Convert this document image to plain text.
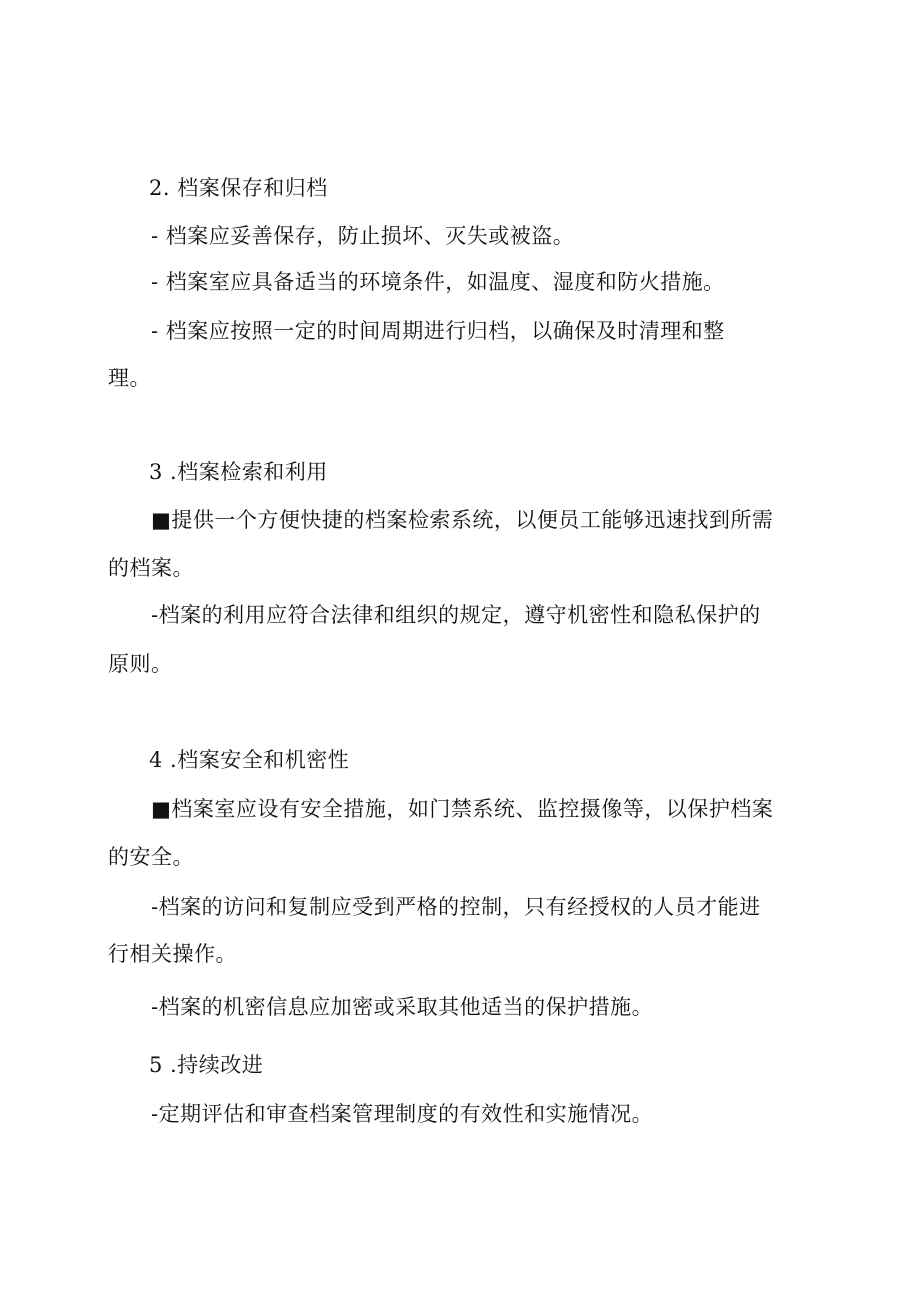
2. 档案保存和归档
- 档案应妥善保存，防止损坏、灭失或被盗。
- 档案室应具备适当的环境条件，如温度、湿度和防火措施。
- 档案应按照一定的时间周期进行归档，以确保及时清理和整
理。
3 .档案检索和利用
■提供一个方便快捷的档案检索系统，以便员工能够迅速找到所需
的档案。
-档案的利用应符合法律和组织的规定，遵守机密性和隐私保护的
原则。
4 .档案安全和机密性
■档案室应设有安全措施，如门禁系统、监控摄像等，以保护档案
的安全。
-档案的访问和复制应受到严格的控制，只有经授权的人员才能进
行相关操作。
-档案的机密信息应加密或采取其他适当的保护措施。
5 .持续改进
-定期评估和审查档案管理制度的有效性和实施情况。
